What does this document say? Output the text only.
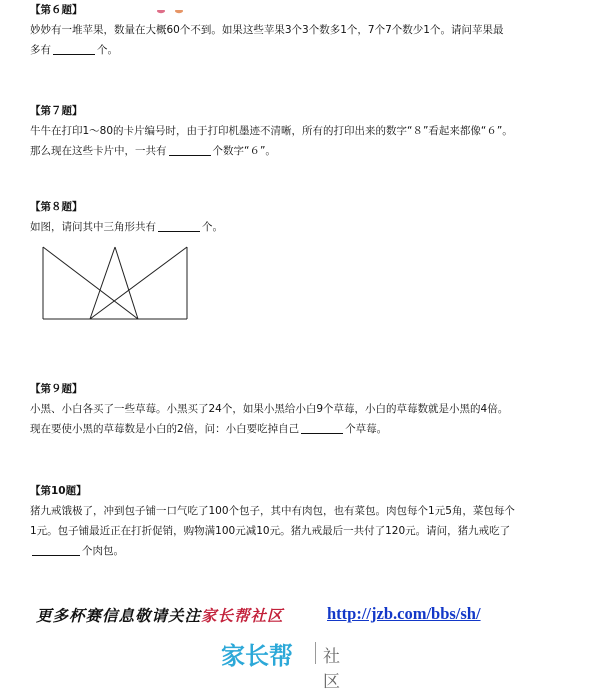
【第６题】

妙妙有一堆苹果，数量在大概60个不到。如果这些苹果3个3个数多1个，7个7个数少1个。请问苹果最

多有	个。

【第７题】

牛牛在打印1～80的卡片编号时，由于打印机墨迹不清晰，所有的打印出来的数字“８”看起来都像“６”。

那么现在这些卡片中，一共有	个数字“６”。

【第８题】

如图，请问其中三角形共有	个。

【第９题】

小黑、小白各买了一些草莓。小黑买了24个，如果小黑给小白9个草莓，小白的草莓数就是小黑的4倍。

现在要使小黑的草莓数是小白的2倍，问：小白要吃掉自己	个草莓。

【第10题】

猪九戒饿极了，冲到包子铺一口气吃了100个包子，其中有肉包，也有菜包。肉包每个1元5角，菜包每个

1元。包子铺最近正在打折促销，购物满100元减10元。猪九戒最后一共付了120元。请问，猪九戒吃了

个肉包。

更多杯赛信息敬请关注家长帮社区	http://jzb.com/bbs/sh/
家长帮 社区
